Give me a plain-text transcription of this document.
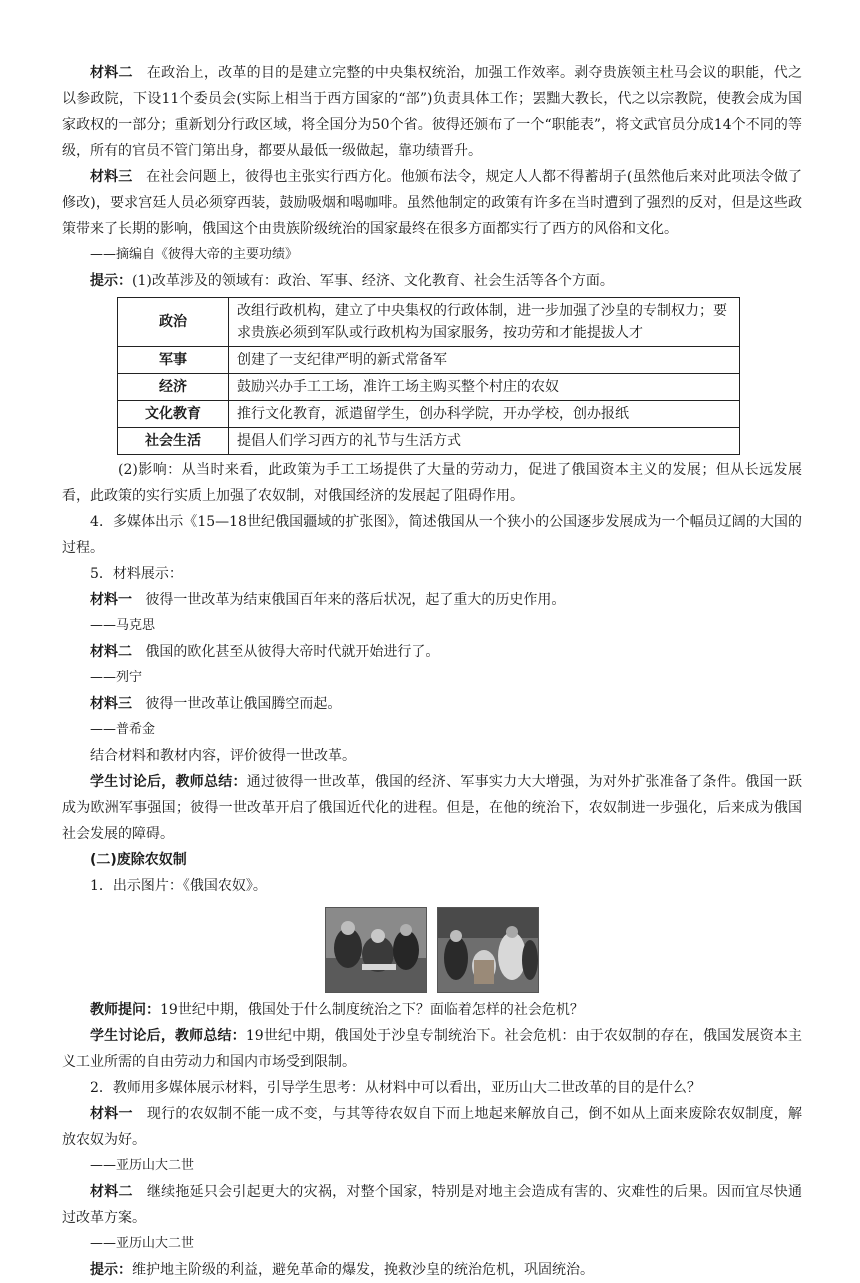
材料二 在政治上，改革的目的是建立完整的中央集权统治，加强工作效率。剥夺贵族领主杜马会议的职能，代之以参政院，下设11个委员会(实际上相当于西方国家的“部”)负责具体工作；罢黜大教长，代之以宗教院，使教会成为国家政权的一部分；重新划分行政区域，将全国分为50个省。彼得还颁布了一个“职能表”，将文武官员分成14个不同的等级，所有的官员不管门第出身，都要从最低一级做起，靠功绩晋升。

材料三 在社会问题上，彼得也主张实行西方化。他颁布法令，规定人人都不得蓄胡子(虽然他后来对此项法令做了修改)，要求宫廷人员必须穿西装，鼓励吸烟和喝咖啡。虽然他制定的政策有许多在当时遭到了强烈的反对，但是这些政策带来了长期的影响，俄国这个由贵族阶级统治的国家最终在很多方面都实行了西方的风俗和文化。

——摘编自《彼得大帝的主要功绩》

提示：(1)改革涉及的领域有：政治、军事、经济、文化教育、社会生活等各个方面。

政治	改组行政机构，建立了中央集权的行政体制，进一步加强了沙皇的专制权力；要求贵族必须到军队或行政机构为国家服务，按功劳和才能提拔人才
军事	创建了一支纪律严明的新式常备军
经济	鼓励兴办手工工场，准许工场主购买整个村庄的农奴
文化教育	推行文化教育，派遣留学生，创办科学院，开办学校，创办报纸
社会生活	提倡人们学习西方的礼节与生活方式

(2)影响：从当时来看，此政策为手工工场提供了大量的劳动力，促进了俄国资本主义的发展；但从长远发展看，此政策的实行实质上加强了农奴制，对俄国经济的发展起了阻碍作用。

4．多媒体出示《15—18世纪俄国疆域的扩张图》，简述俄国从一个狭小的公国逐步发展成为一个幅员辽阔的大国的过程。

5．材料展示：

材料一 彼得一世改革为结束俄国百年来的落后状况，起了重大的历史作用。

——马克思

材料二 俄国的欧化甚至从彼得大帝时代就开始进行了。

——列宁

材料三 彼得一世改革让俄国腾空而起。

——普希金

结合材料和教材内容，评价彼得一世改革。

学生讨论后，教师总结：通过彼得一世改革，俄国的经济、军事实力大大增强，为对外扩张准备了条件。俄国一跃成为欧洲军事强国；彼得一世改革开启了俄国近代化的进程。但是，在他的统治下，农奴制进一步强化，后来成为俄国社会发展的障碍。

(二)废除农奴制

1．出示图片：《俄国农奴》。

教师提问：19世纪中期，俄国处于什么制度统治之下？面临着怎样的社会危机？

学生讨论后，教师总结：19世纪中期，俄国处于沙皇专制统治下。社会危机：由于农奴制的存在，俄国发展资本主义工业所需的自由劳动力和国内市场受到限制。

2．教师用多媒体展示材料，引导学生思考：从材料中可以看出，亚历山大二世改革的目的是什么？

材料一 现行的农奴制不能一成不变，与其等待农奴自下而上地起来解放自己，倒不如从上面来废除农奴制度，解放农奴为好。

——亚历山大二世

材料二 继续拖延只会引起更大的灾祸，对整个国家，特别是对地主会造成有害的、灾难性的后果。因而宜尽快通过改革方案。

——亚历山大二世

提示：维护地主阶级的利益，避免革命的爆发，挽救沙皇的统治危机，巩固统治。
